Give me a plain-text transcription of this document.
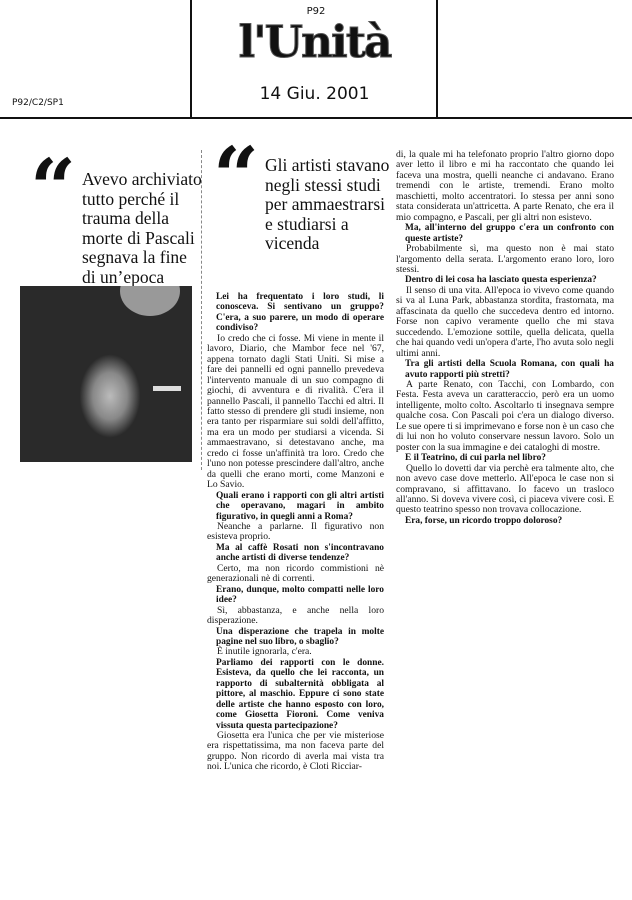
P92
l'Unità
14 Giu. 2001
P92/C2/SP1
“ Avevo archiviato tutto perché il trauma della morte di Pascali segnava la fine di un’epoca
“ Gli artisti stavano negli stessi studi per ammaestrarsi e studiarsi a vicenda

Lei ha frequentato i loro studi, li conosceva. Si sentivano un gruppo? C'era, a suo parere, un modo di operare condiviso?

Io credo che ci fosse. Mi viene in mente il lavoro, Diario, che Mambor fece nel '67, appena tornato dagli Stati Uniti. Si mise a fare dei pannelli ed ogni pannello prevedeva l'intervento manuale di un suo compagno di giochi, di avventura e di rivalità. C'era il pannello Pascali, il pannello Tacchi ed altri. Il fatto stesso di prendere gli studi insieme, non era tanto per risparmiare sui soldi dell'affitto, ma era un modo per studiarsi a vicenda. Si ammaestravano, si detestavano anche, ma credo ci fosse un'affinità tra loro. Credo che l'uno non potesse prescindere dall'altro, anche da quelli che erano morti, come Manzoni e Lo Savio.

Quali erano i rapporti con gli altri artisti che operavano, magari in ambito figurativo, in quegli anni a Roma?

Neanche a parlarne. Il figurativo non esisteva proprio.

Ma al caffè Rosati non s'incontravano anche artisti di diverse tendenze?

Certo, ma non ricordo commistioni nè generazionali nè di correnti.

Erano, dunque, molto compatti nelle loro idee?

Sì, abbastanza, e anche nella loro disperazione.

Una disperazione che trapela in molte pagine nel suo libro, o sbaglio?

È inutile ignorarla, c'era.

Parliamo dei rapporti con le donne. Esisteva, da quello che lei racconta, un rapporto di subalternità obbligata al pittore, al maschio. Eppure ci sono state delle artiste che hanno esposto con loro, come Giosetta Fioroni. Come veniva vissuta questa partecipazione?

Giosetta era l'unica che per vie misteriose era rispettatissima, ma non faceva parte del gruppo. Non ricordo di averla mai vista tra noi. L'unica che ricordo, è Cloti Ricciar-

di, la quale mi ha telefonato proprio l'altro giorno dopo aver letto il libro e mi ha raccontato che quando lei faceva una mostra, quelli neanche ci andavano. Erano tremendi con le artiste, tremendi. Erano molto maschietti, molto accentratori. Io stessa per anni sono stata considerata un'attricetta. A parte Renato, che era il mio compagno, e Pascali, per gli altri non esistevo.

Ma, all'interno del gruppo c'era un confronto con queste artiste?

Probabilmente sì, ma questo non è mai stato l'argomento della serata. L'argomento erano loro, loro stessi.

Dentro di lei cosa ha lasciato questa esperienza?

Il senso di una vita. All'epoca io vivevo come quando si va al Luna Park, abbastanza stordita, frastornata, ma affascinata da quello che succedeva dentro ed intorno. Forse non capivo veramente quello che mi stava succedendo. L'emozione sottile, quella delicata, quella che hai quando vedi un'opera d'arte, l'ho avuta solo negli ultimi anni.

Tra gli artisti della Scuola Romana, con quali ha avuto rapporti più stretti?

A parte Renato, con Tacchi, con Lombardo, con Festa. Festa aveva un caratteraccio, però era un uomo intelligente, molto colto. Ascoltarlo ti insegnava sempre qualche cosa. Con Pascali poi c'era un dialogo diverso. Le sue opere ti si imprimevano e forse non è un caso che di lui non ho voluto conservare nessun lavoro. Solo un poster con la sua immagine e dei cataloghi di mostre.

E il Teatrino, di cui parla nel libro?

Quello lo dovetti dar via perchè era talmente alto, che non avevo case dove metterlo. All'epoca le case non si compravano, si affittavano. Io facevo un trasloco all'anno. Si doveva vivere così, ci piaceva vivere così. E questo teatrino spesso non trovava collocazione.

Era, forse, un ricordo troppo doloroso?
